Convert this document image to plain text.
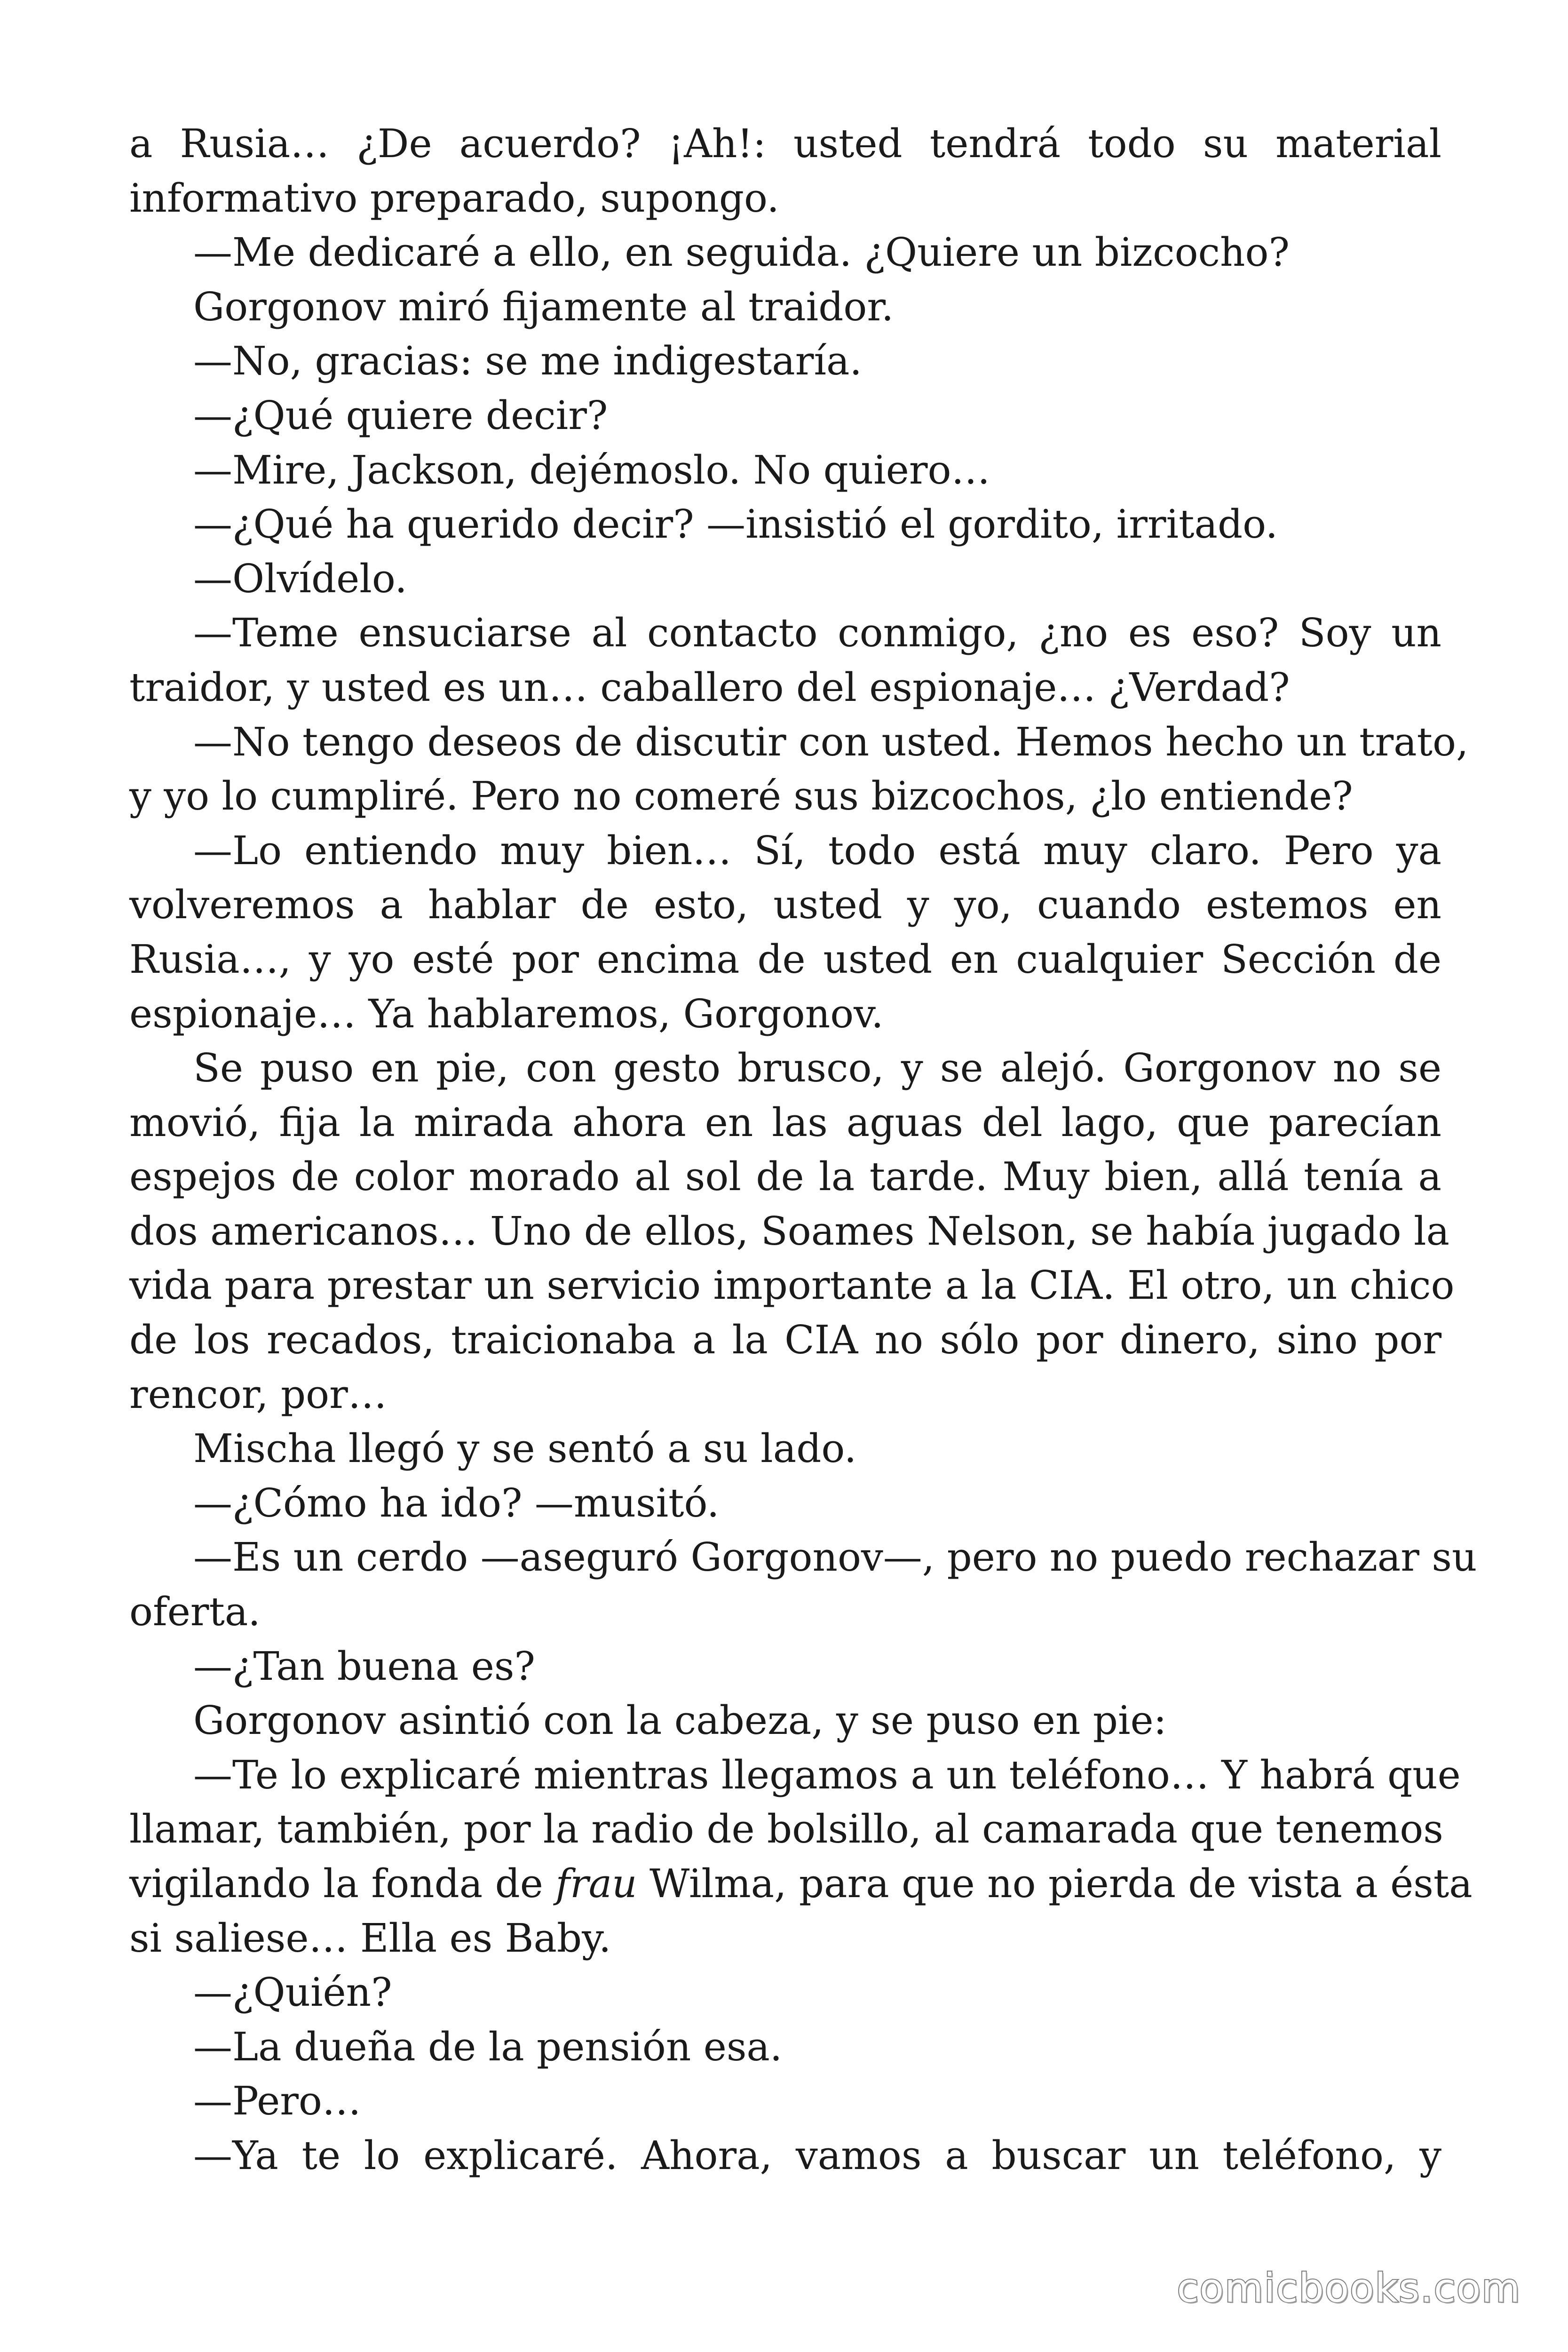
a Rusia… ¿De acuerdo? ¡Ah!: usted tendrá todo su material
informativo preparado, supongo.
—Me dedicaré a ello, en seguida. ¿Quiere un bizcocho?
Gorgonov miró fijamente al traidor.
—No, gracias: se me indigestaría.
—¿Qué quiere decir?
—Mire, Jackson, dejémoslo. No quiero…
—¿Qué ha querido decir? —insistió el gordito, irritado.
—Olvídelo.
—Teme ensuciarse al contacto conmigo, ¿no es eso? Soy un
traidor, y usted es un… caballero del espionaje… ¿Verdad?
—No tengo deseos de discutir con usted. Hemos hecho un trato,
y yo lo cumpliré. Pero no comeré sus bizcochos, ¿lo entiende?
—Lo entiendo muy bien… Sí, todo está muy claro. Pero ya
volveremos a hablar de esto, usted y yo, cuando estemos en
Rusia…, y yo esté por encima de usted en cualquier Sección de
espionaje… Ya hablaremos, Gorgonov.
Se puso en pie, con gesto brusco, y se alejó. Gorgonov no se
movió, fija la mirada ahora en las aguas del lago, que parecían
espejos de color morado al sol de la tarde. Muy bien, allá tenía a
dos americanos… Uno de ellos, Soames Nelson, se había jugado la
vida para prestar un servicio importante a la CIA. El otro, un chico
de los recados, traicionaba a la CIA no sólo por dinero, sino por
rencor, por…
Mischa llegó y se sentó a su lado.
—¿Cómo ha ido? —musitó.
—Es un cerdo —aseguró Gorgonov—, pero no puedo rechazar su
oferta.
—¿Tan buena es?
Gorgonov asintió con la cabeza, y se puso en pie:
—Te lo explicaré mientras llegamos a un teléfono… Y habrá que
llamar, también, por la radio de bolsillo, al camarada que tenemos
vigilando la fonda de frau Wilma, para que no pierda de vista a ésta
si saliese… Ella es Baby.
—¿Quién?
—La dueña de la pensión esa.
—Pero…
—Ya te lo explicaré. Ahora, vamos a buscar un teléfono, y
comicbooks.com
